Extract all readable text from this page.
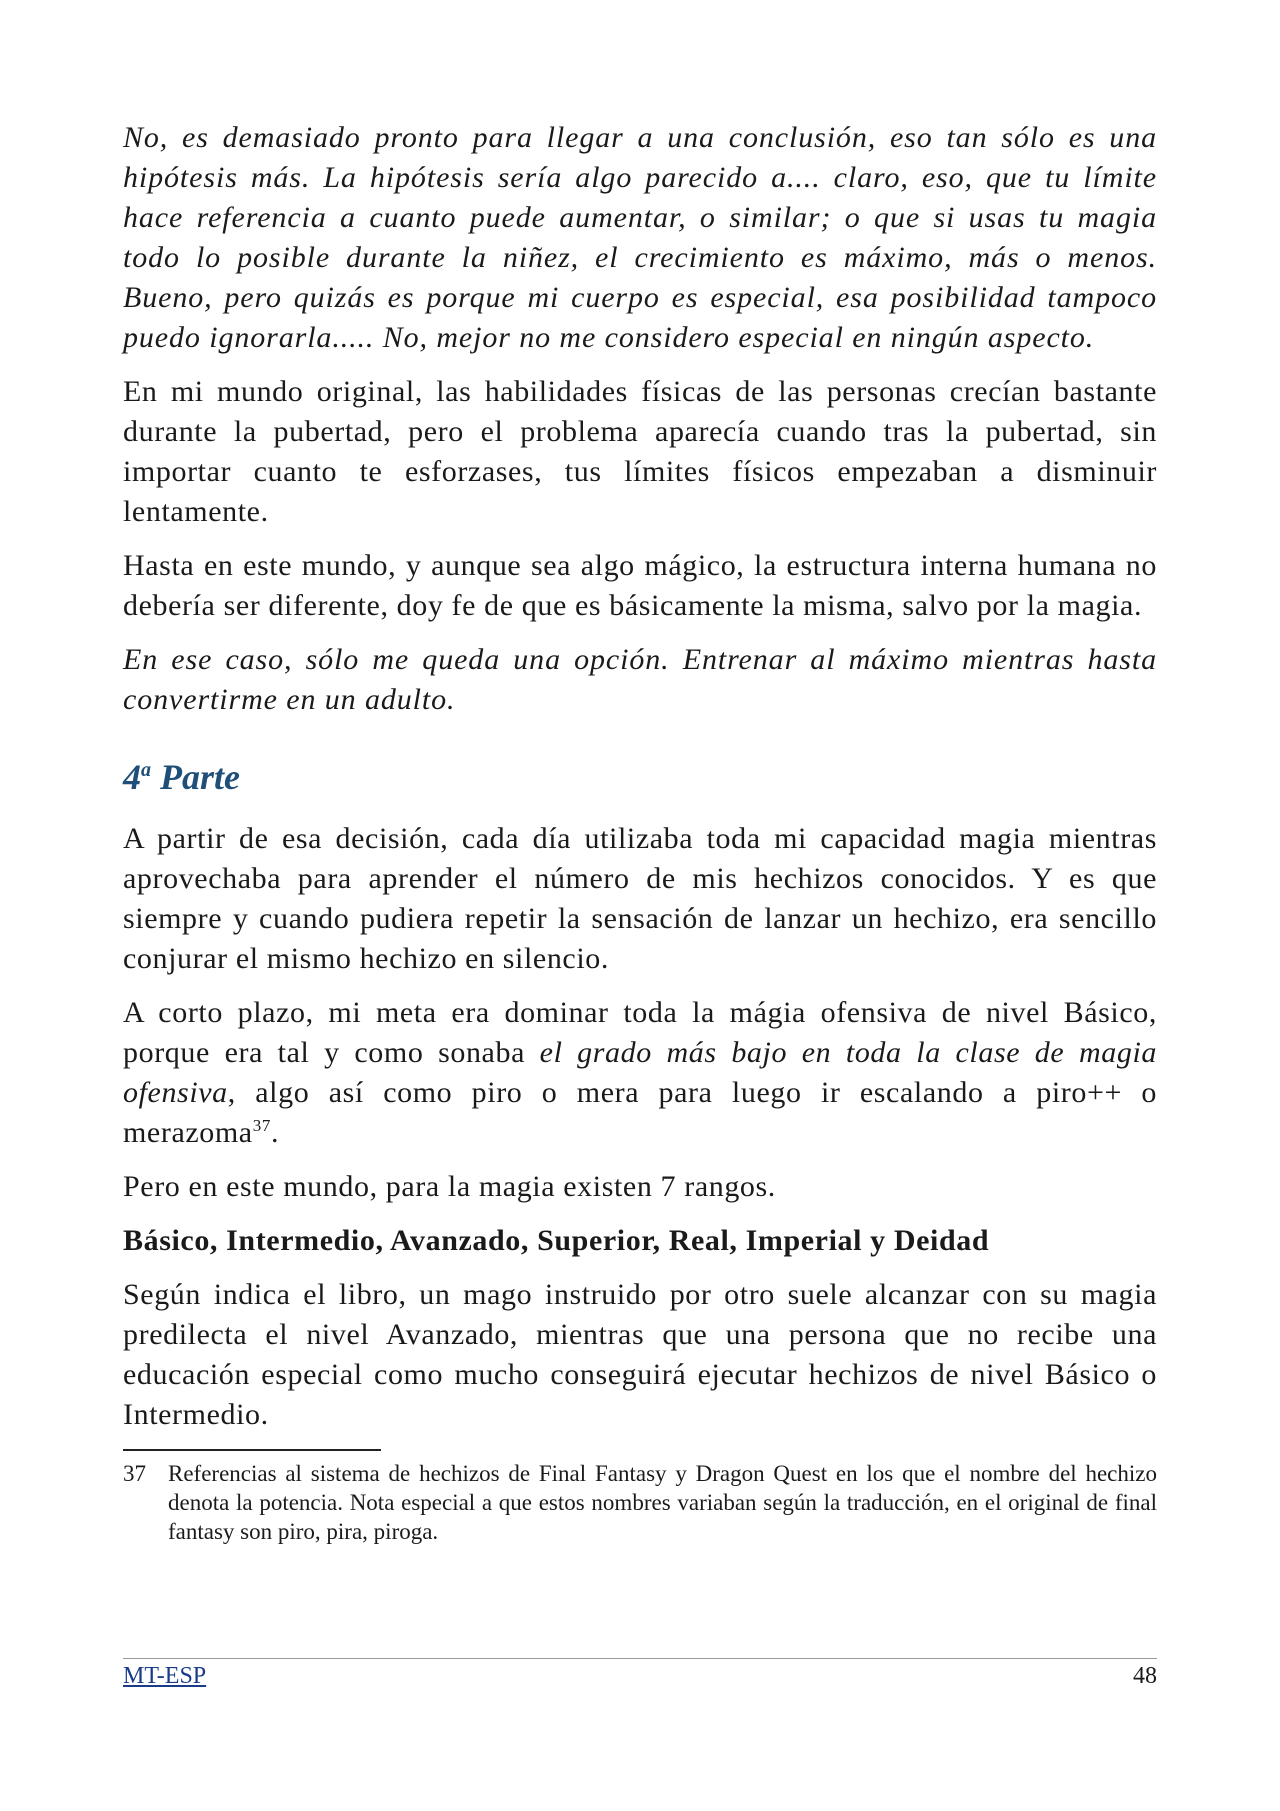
No, es demasiado pronto para llegar a una conclusión, eso tan sólo es una hipótesis más. La hipótesis sería algo parecido a.... claro, eso, que tu límite hace referencia a cuanto puede aumentar, o similar; o que si usas tu magia todo lo posible durante la niñez, el crecimiento es máximo, más o menos. Bueno, pero quizás es porque mi cuerpo es especial, esa posibilidad tampoco puedo ignorarla..... No, mejor no me considero especial en ningún aspecto.

En mi mundo original, las habilidades físicas de las personas crecían bastante durante la pubertad, pero el problema aparecía cuando tras la pubertad, sin importar cuanto te esforzases, tus límites físicos empezaban a disminuir lentamente.

Hasta en este mundo, y aunque sea algo mágico, la estructura interna humana no debería ser diferente, doy fe de que es básicamente la misma, salvo por la magia.

En ese caso, sólo me queda una opción. Entrenar al máximo mientras hasta convertirme en un adulto.

4$^a$ Parte

A partir de esa decisión, cada día utilizaba toda mi capacidad magia mientras aprovechaba para aprender el número de mis hechizos conocidos. Y es que siempre y cuando pudiera repetir la sensación de lanzar un hechizo, era sencillo conjurar el mismo hechizo en silencio.

A corto plazo, mi meta era dominar toda la mágia ofensiva de nivel Básico, porque era tal y como sonaba el grado más bajo en toda la clase de magia ofensiva, algo así como piro o mera para luego ir escalando a piro++ o merazoma$^{37}$.

Pero en este mundo, para la magia existen 7 rangos.

Básico, Intermedio, Avanzado, Superior, Real, Imperial y Deidad

Según indica el libro, un mago instruido por otro suele alcanzar con su magia predilecta el nivel Avanzado, mientras que una persona que no recibe una educación especial como mucho conseguirá ejecutar hechizos de nivel Básico o Intermedio.

37 Referencias al sistema de hechizos de Final Fantasy y Dragon Quest en los que el nombre del hechizo denota la potencia. Nota especial a que estos nombres variaban según la traducción, en el original de final fantasy son piro, pira, piroga.
MT-ESP	48
